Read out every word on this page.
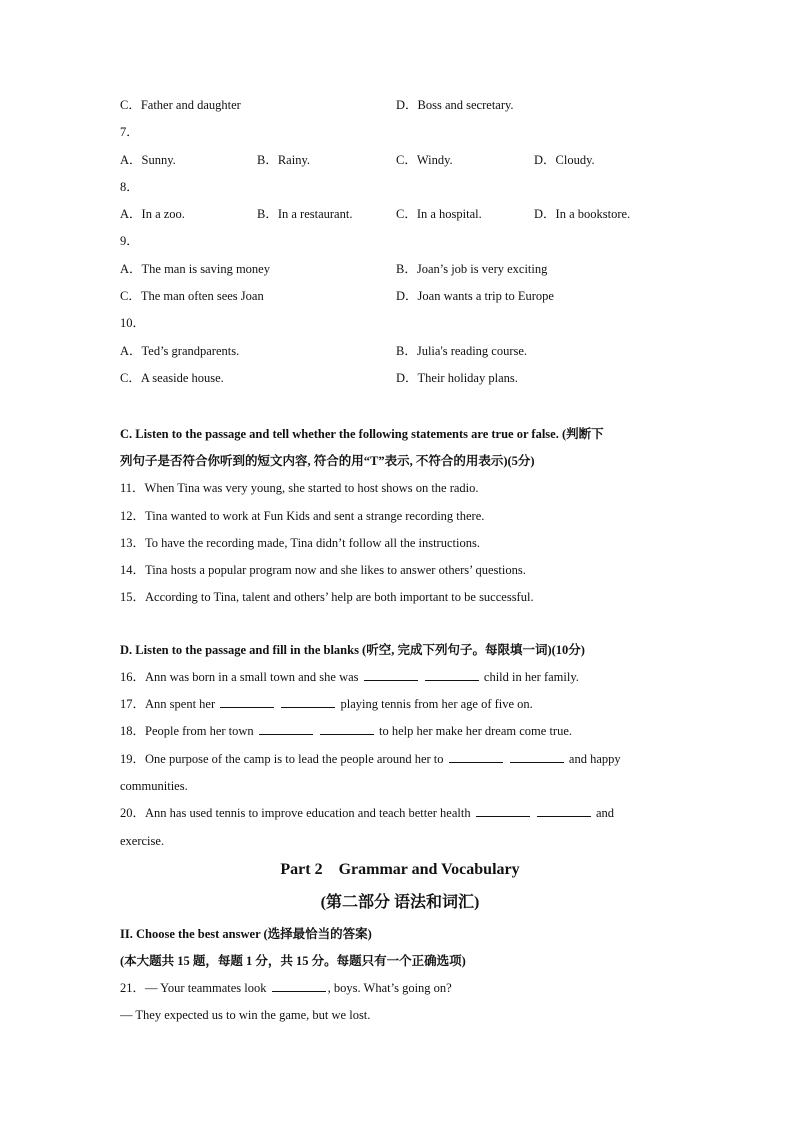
C．Father and daughter	D．Boss and secretary.
7．
A．Sunny.	B．Rainy.	C．Windy.	D．Cloudy.
8．
A．In a zoo.	B．In a restaurant.	C．In a hospital.	D．In a bookstore.
9．
A．The man is saving money	B．Joan’s job is very exciting
C．The man often sees Joan	D．Joan wants a trip to Europe
10．
A．Ted’s grandparents.	B．Julia's reading course.
C．A seaside house.	D．Their holiday plans.
C. Listen to the passage and tell whether the following statements are true or false. (判断下
列句子是否符合你听到的短文内容, 符合的用“T”表示, 不符合的用表示)(5分)
11．When Tina was very young, she started to host shows on the radio.
12．Tina wanted to work at Fun Kids and sent a strange recording there.
13．To have the recording made, Tina didn’t follow all the instructions.
14．Tina hosts a popular program now and she likes to answer others’ questions.
15．According to Tina, talent and others’ help are both important to be successful.
D. Listen to the passage and fill in the blanks (听空, 完成下列句子。每限填一词)(10分)
16．Ann was born in a small town and she was	child in her family.
17．Ann spent her	playing tennis from her age of five on.
18．People from her town	to help her make her dream come true.
19．One purpose of the camp is to lead the people around her to	and happy
communities.
20．Ann has used tennis to improve education and teach better health	and
exercise.
Part 2　Grammar and Vocabulary
(第二部分 语法和词汇)
II. Choose the best answer (选择最恰当的答案)
(本大题共 15 题，每题 1 分，共 15 分。每题只有一个正确选项)
21．— Your teammates look	, boys. What’s going on?
— They expected us to win the game, but we lost.
